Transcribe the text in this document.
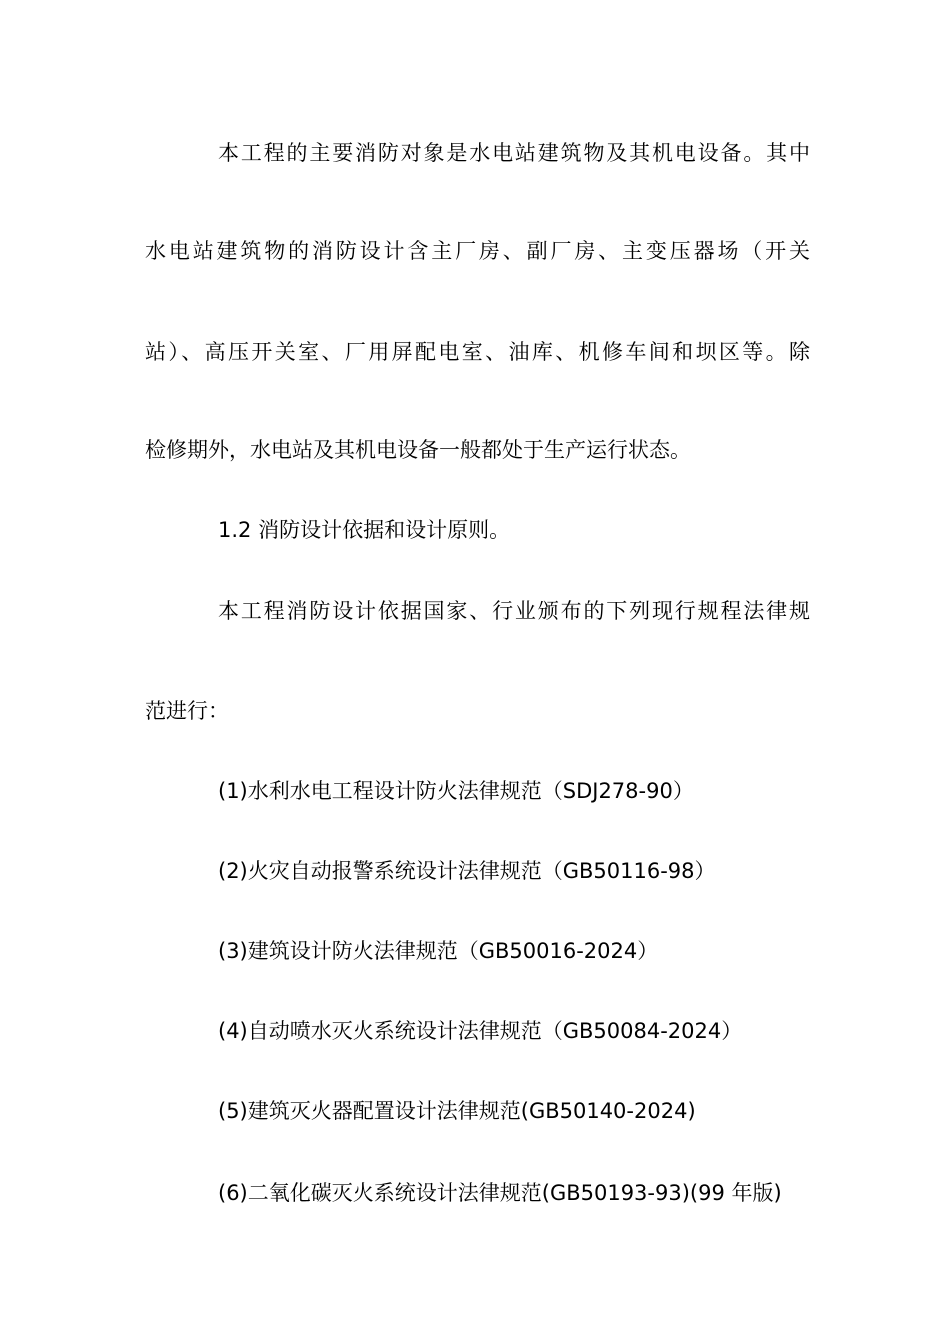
本工程的主要消防对象是水电站建筑物及其机电设备。其中
水电站建筑物的消防设计含主厂房、副厂房、主变压器场（开关
站）、高压开关室、厂用屏配电室、油库、机修车间和坝区等。除
检修期外，水电站及其机电设备一般都处于生产运行状态。
1.2 消防设计依据和设计原则。
本工程消防设计依据国家、行业颁布的下列现行规程法律规
范进行：
(1)水利水电工程设计防火法律规范（SDJ278-90）
(2)火灾自动报警系统设计法律规范（GB50116-98）
(3)建筑设计防火法律规范（GB50016-2024）
(4)自动喷水灭火系统设计法律规范（GB50084-2024）
(5)建筑灭火器配置设计法律规范(GB50140-2024)
(6)二氧化碳灭火系统设计法律规范(GB50193-93)(99 年版)
